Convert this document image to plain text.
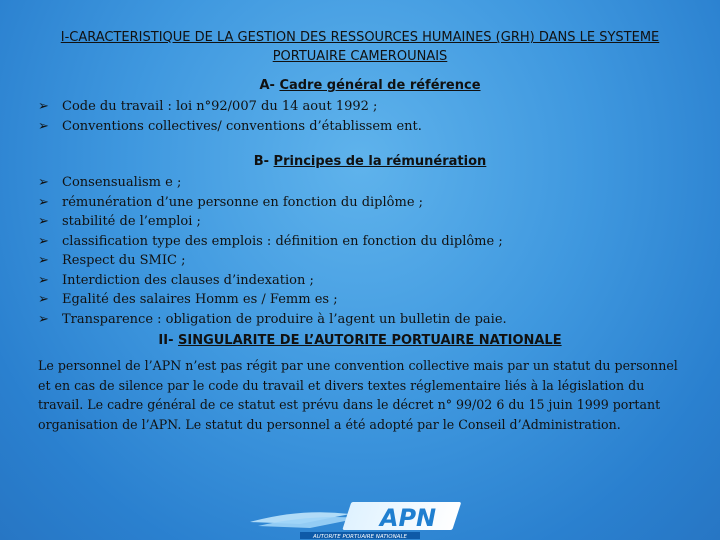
I-CARACTERISTIQUE DE LA GESTION DES RESSOURCES HUMAINES (GRH) DANS LE SYSTEME
PORTUAIRE CAMEROUNAIS
A- Cadre général de référence
➢ Code du travail : loi n°92/007 du 14 aout 1992 ;
➢ Conventions collectives/ conventions d’établissem ent.
B- Principes de la rémunération
➢ Consensualism e ;
➢ rémunération d’une personne en fonction du diplôme ;
➢ stabilité de l’emploi ;
➢ classification type des emplois : définition en fonction du diplôme ;
➢ Respect du SMIC ;
➢ Interdiction des clauses d’indexation ;
➢ Egalité des salaires Homm es / Femm es ;
➢ Transparence : obligation de produire à l’agent un bulletin de paie.
II- SINGULARITE DE L’AUTORITE PORTUAIRE NATIONALE

Le personnel de l’APN n’est pas régit par une convention collective mais par un statut du personnel et en cas de silence par le code du travail et divers textes réglementaire liés à la législation du travail. Le cadre général de ce statut est prévu dans le décret n° 99/02 6 du 15 juin 1999 portant organisation de l’APN. Le statut du personnel a été adopté par le Conseil d’Administration.

APN
AUTORITE PORTUAIRE NATIONALE
